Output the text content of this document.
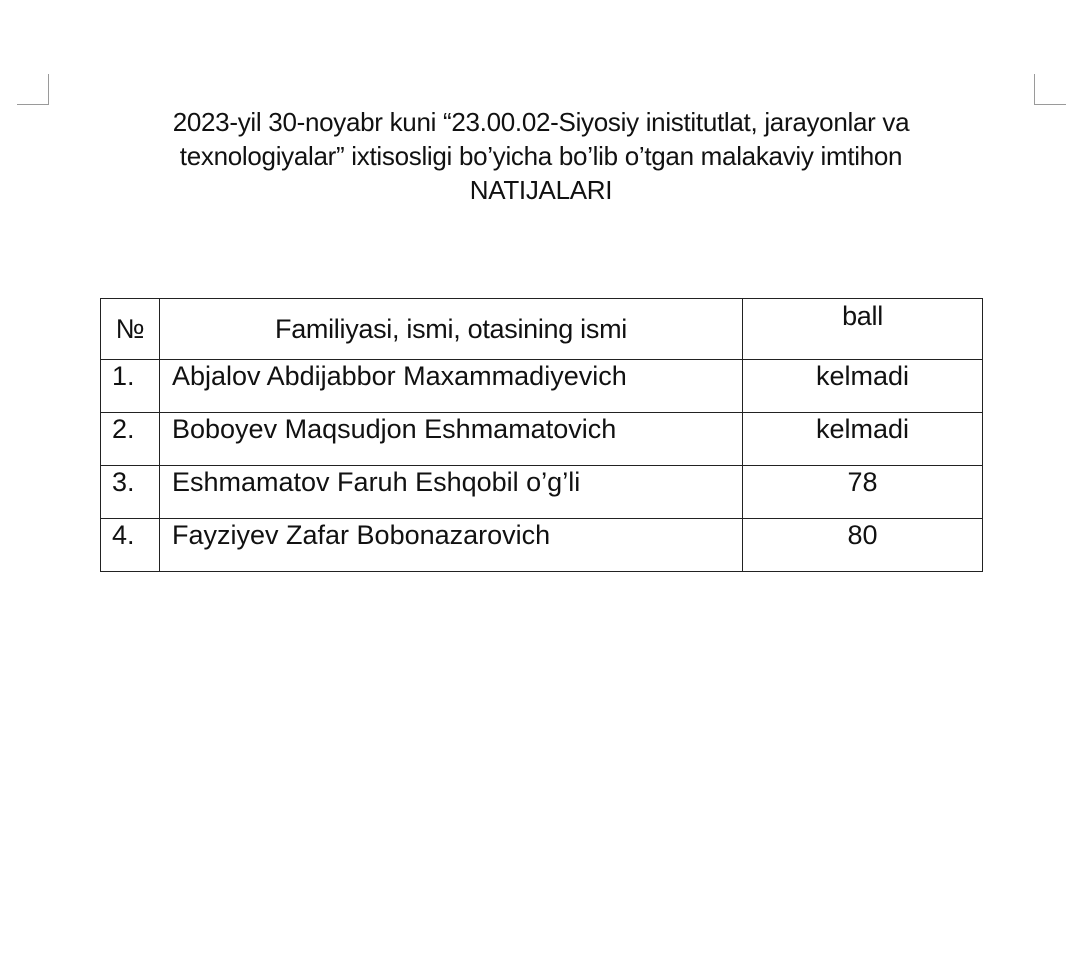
2023-yil 30-noyabr kuni “23.00.02-Siyosiy inistitutlat, jarayonlar va
texnologiyalar” ixtisosligi bo’yicha bo’lib o’tgan malakaviy imtihon
NATIJALARI
№	Familiyasi, ismi, otasining ismi	ball
1.	Abjalov Abdijabbor Maxammadiyevich	kelmadi
2.	Boboyev Maqsudjon Eshmamatovich	kelmadi
3.	Eshmamatov Faruh Eshqobil o’g’li	78
4.	Fayziyev Zafar Bobonazarovich	80
